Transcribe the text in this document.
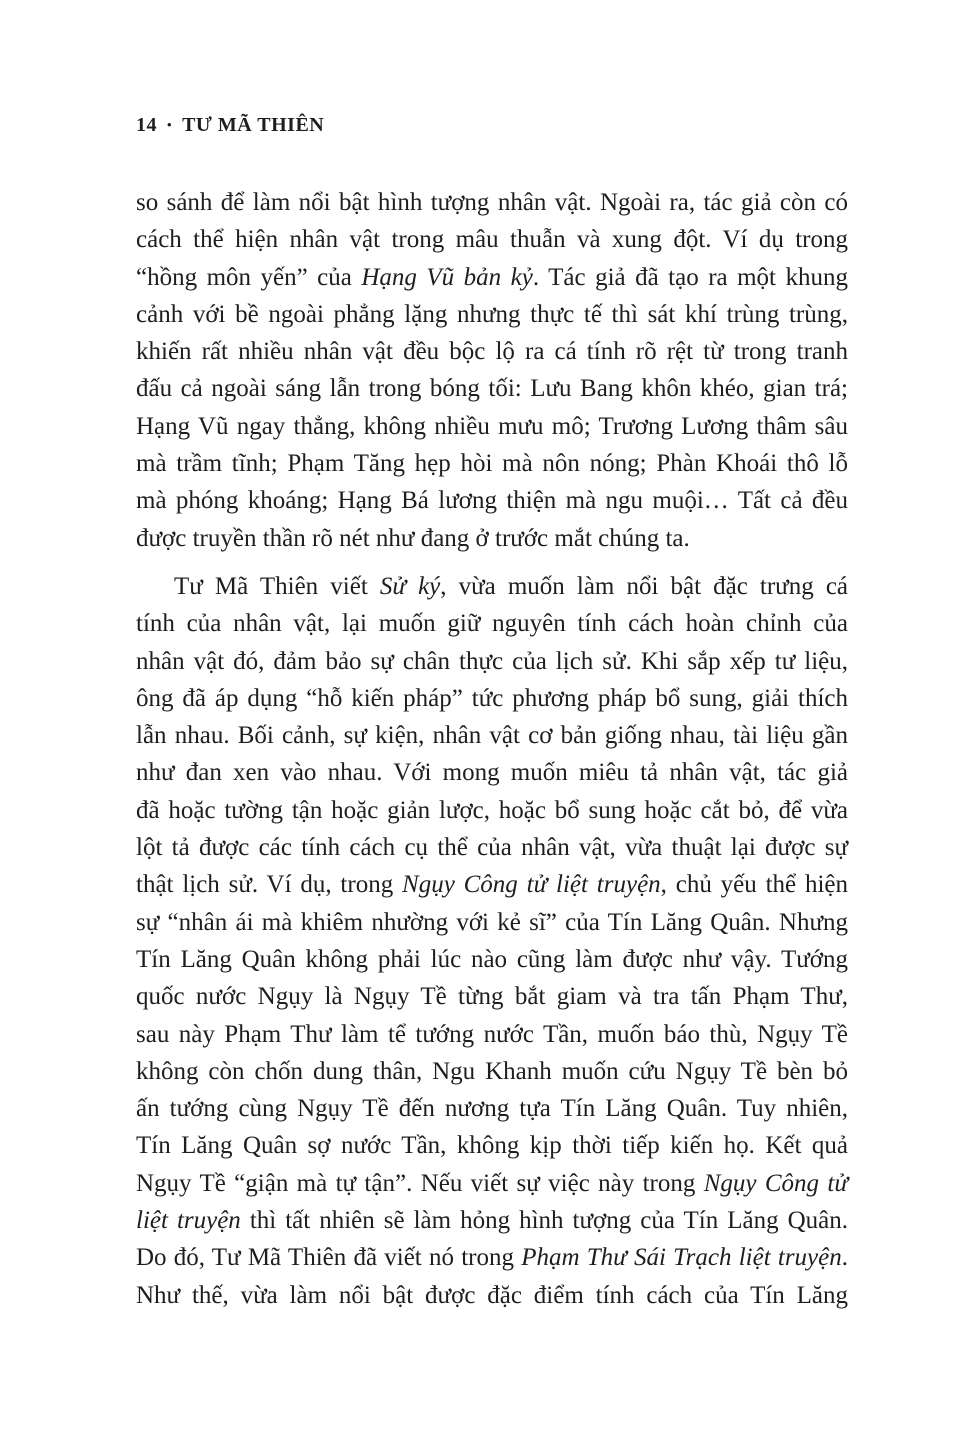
14 • TƯ MÃ THIÊN
so sánh để làm nổi bật hình tượng nhân vật. Ngoài ra, tác giả còn có
cách thể hiện nhân vật trong mâu thuẫn và xung đột. Ví dụ trong
“hồng môn yến” của Hạng Vũ bản kỷ. Tác giả đã tạo ra một khung
cảnh với bề ngoài phẳng lặng nhưng thực tế thì sát khí trùng trùng,
khiến rất nhiều nhân vật đều bộc lộ ra cá tính rõ rệt từ trong tranh
đấu cả ngoài sáng lẫn trong bóng tối: Lưu Bang khôn khéo, gian trá;
Hạng Vũ ngay thẳng, không nhiều mưu mô; Trương Lương thâm sâu
mà trầm tĩnh; Phạm Tăng hẹp hòi mà nôn nóng; Phàn Khoái thô lỗ
mà phóng khoáng; Hạng Bá lương thiện mà ngu muội… Tất cả đều
được truyền thần rõ nét như đang ở trước mắt chúng ta.
Tư Mã Thiên viết Sử ký, vừa muốn làm nổi bật đặc trưng cá
tính của nhân vật, lại muốn giữ nguyên tính cách hoàn chỉnh của
nhân vật đó, đảm bảo sự chân thực của lịch sử. Khi sắp xếp tư liệu,
ông đã áp dụng “hỗ kiến pháp” tức phương pháp bổ sung, giải thích
lẫn nhau. Bối cảnh, sự kiện, nhân vật cơ bản giống nhau, tài liệu gần
như đan xen vào nhau. Với mong muốn miêu tả nhân vật, tác giả
đã hoặc tường tận hoặc giản lược, hoặc bổ sung hoặc cắt bỏ, để vừa
lột tả được các tính cách cụ thể của nhân vật, vừa thuật lại được sự
thật lịch sử. Ví dụ, trong Ngụy Công tử liệt truyện, chủ yếu thể hiện
sự “nhân ái mà khiêm nhường với kẻ sĩ” của Tín Lăng Quân. Nhưng
Tín Lăng Quân không phải lúc nào cũng làm được như vậy. Tướng
quốc nước Ngụy là Ngụy Tề từng bắt giam và tra tấn Phạm Thư,
sau này Phạm Thư làm tể tướng nước Tần, muốn báo thù, Ngụy Tề
không còn chốn dung thân, Ngu Khanh muốn cứu Ngụy Tề bèn bỏ
ấn tướng cùng Ngụy Tề đến nương tựa Tín Lăng Quân. Tuy nhiên,
Tín Lăng Quân sợ nước Tần, không kịp thời tiếp kiến họ. Kết quả
Ngụy Tề “giận mà tự tận”. Nếu viết sự việc này trong Ngụy Công tử
liệt truyện thì tất nhiên sẽ làm hỏng hình tượng của Tín Lăng Quân.
Do đó, Tư Mã Thiên đã viết nó trong Phạm Thư Sái Trạch liệt truyện.
Như thế, vừa làm nổi bật được đặc điểm tính cách của Tín Lăng
